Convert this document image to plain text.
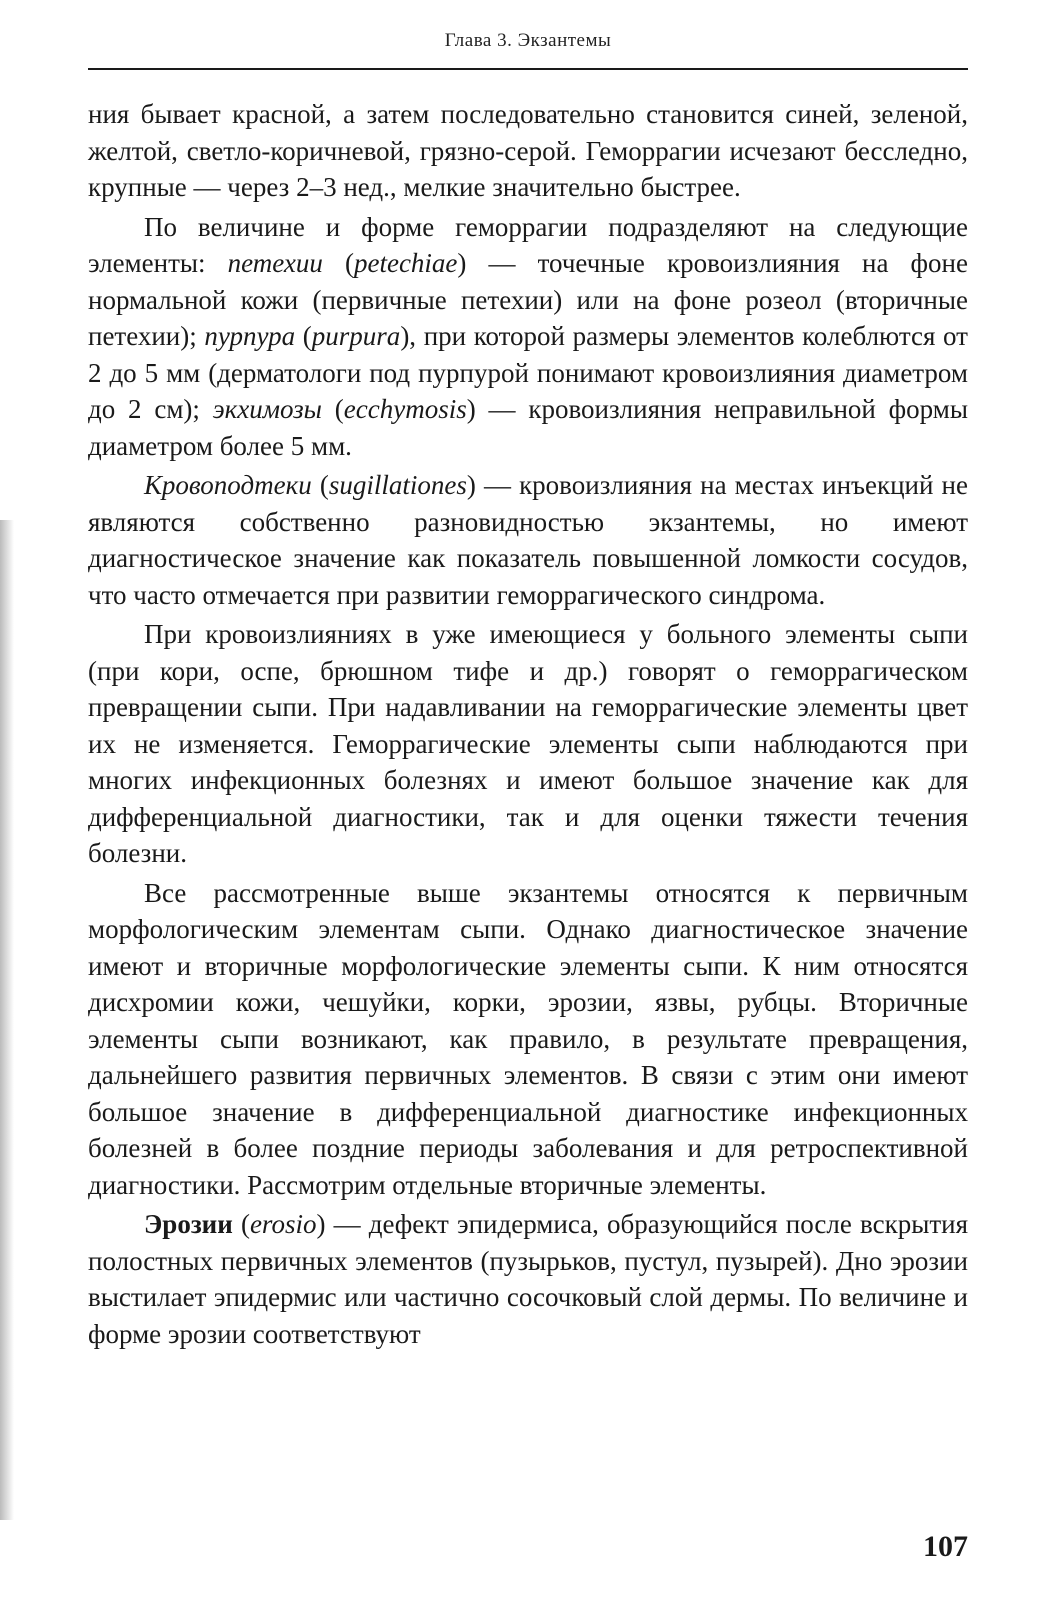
Глава 3. Экзантемы

ния бывает красной, а затем последовательно становится синей, зеленой, желтой, светло-коричневой, грязно-серой. Геморрагии исчезают бесследно, крупные — через 2–3 нед., мелкие значительно быстрее.

По величине и форме геморрагии подразделяют на следующие элементы: петехии (petechiae) — точечные кровоизлияния на фоне нормальной кожи (первичные петехии) или на фоне розеол (вторичные петехии); пурпура (purpura), при которой размеры элементов колеблются от 2 до 5 мм (дерматологи под пурпурой понимают кровоизлияния диаметром до 2 см); экхимозы (ecchymosis) — кровоизлияния неправильной формы диаметром более 5 мм.

Кровоподтеки (sugillationes) — кровоизлияния на местах инъекций не являются собственно разновидностью экзантемы, но имеют диагностическое значение как показатель повышенной ломкости сосудов, что часто отмечается при развитии геморрагического синдрома.

При кровоизлияниях в уже имеющиеся у больного элементы сыпи (при кори, оспе, брюшном тифе и др.) говорят о геморрагическом превращении сыпи. При надавливании на геморрагические элементы цвет их не изменяется. Геморрагические элементы сыпи наблюдаются при многих инфекционных болезнях и имеют большое значение как для дифференциальной диагностики, так и для оценки тяжести течения болезни.

Все рассмотренные выше экзантемы относятся к первичным морфологическим элементам сыпи. Однако диагностическое значение имеют и вторичные морфологические элементы сыпи. К ним относятся дисхромии кожи, чешуйки, корки, эрозии, язвы, рубцы. Вторичные элементы сыпи возникают, как правило, в результате превращения, дальнейшего развития первичных элементов. В связи с этим они имеют большое значение в дифференциальной диагностике инфекционных болезней в более поздние периоды заболевания и для ретроспективной диагностики. Рассмотрим отдельные вторичные элементы.

Эрозии (erosio) — дефект эпидермиса, образующийся после вскрытия полостных первичных элементов (пузырьков, пустул, пузырей). Дно эрозии выстилает эпидермис или частично сосочковый слой дермы. По величине и форме эрозии соответствуют

107
